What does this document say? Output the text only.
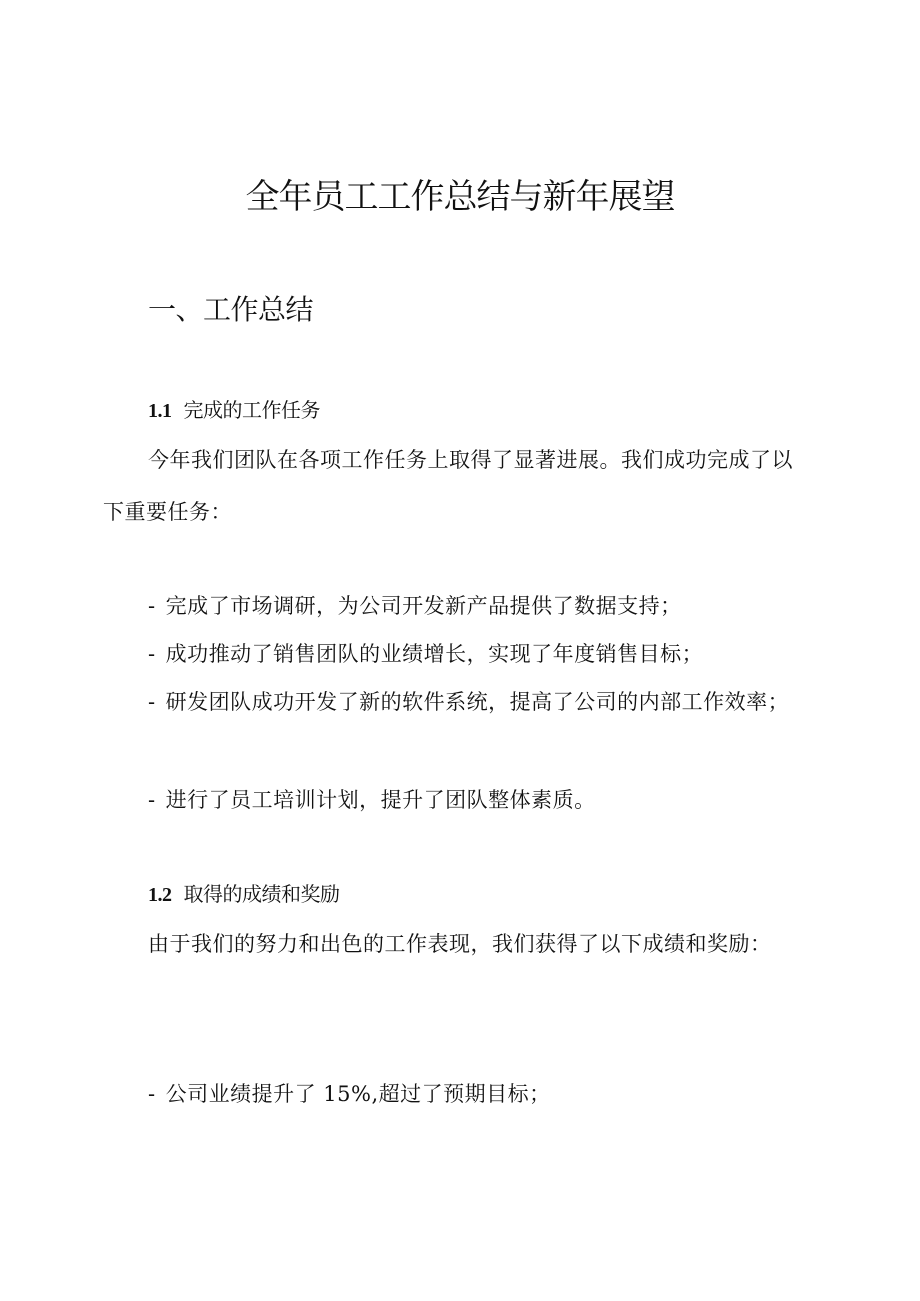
全年员工工作总结与新年展望
一、工作总结
1.1 完成的工作任务

今年我们团队在各项工作任务上取得了显著进展。我们成功完成了以下重要任务：

- 完成了市场调研，为公司开发新产品提供了数据支持；

- 成功推动了销售团队的业绩增长，实现了年度销售目标；

- 研发团队成功开发了新的软件系统，提高了公司的内部工作效率；

- 进行了员工培训计划，提升了团队整体素质。

1.2 取得的成绩和奖励

由于我们的努力和出色的工作表现，我们获得了以下成绩和奖励：

- 公司业绩提升了 15%,超过了预期目标；
